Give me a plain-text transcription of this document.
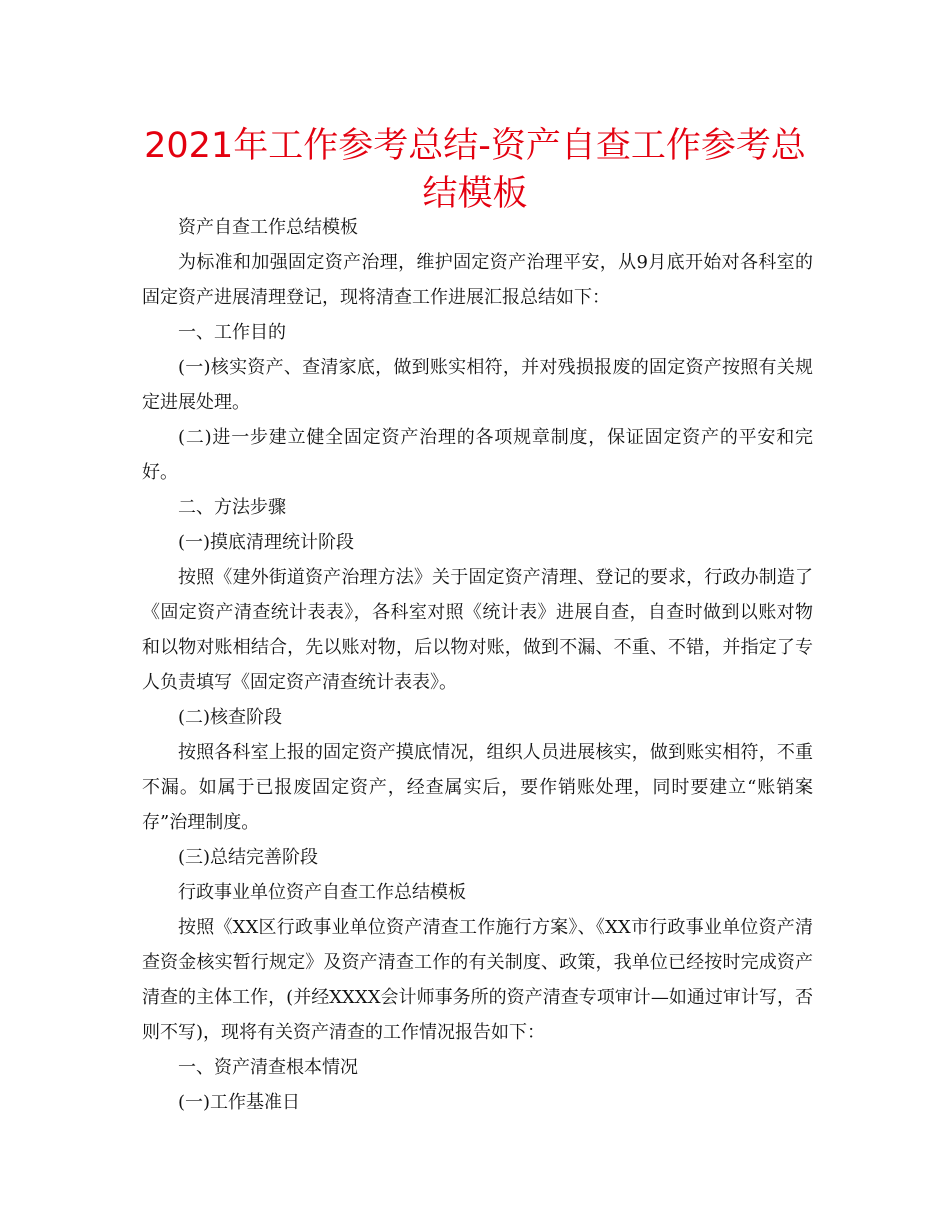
2021年工作参考总结-资产自查工作参考总结模板

资产自查工作总结模板

为标准和加强固定资产治理，维护固定资产治理平安，从9月底开始对各科室的固定资产进展清理登记，现将清查工作进展汇报总结如下：

一、工作目的

(一)核实资产、查清家底，做到账实相符，并对残损报废的固定资产按照有关规定进展处理。

(二)进一步建立健全固定资产治理的各项规章制度，保证固定资产的平安和完好。

二、方法步骤

(一)摸底清理统计阶段

按照《建外街道资产治理方法》关于固定资产清理、登记的要求，行政办制造了《固定资产清查统计表表》，各科室对照《统计表》进展自查，自查时做到以账对物和以物对账相结合，先以账对物，后以物对账，做到不漏、不重、不错，并指定了专人负责填写《固定资产清查统计表表》。

(二)核查阶段

按照各科室上报的固定资产摸底情况，组织人员进展核实，做到账实相符，不重不漏。如属于已报废固定资产，经查属实后，要作销账处理，同时要建立“账销案存”治理制度。

(三)总结完善阶段

行政事业单位资产自查工作总结模板

按照《XX区行政事业单位资产清查工作施行方案》、《XX市行政事业单位资产清查资金核实暂行规定》及资产清查工作的有关制度、政策，我单位已经按时完成资产清查的主体工作，(并经XXXX会计师事务所的资产清查专项审计—如通过审计写，否则不写)，现将有关资产清查的工作情况报告如下：

一、资产清查根本情况

(一)工作基准日
